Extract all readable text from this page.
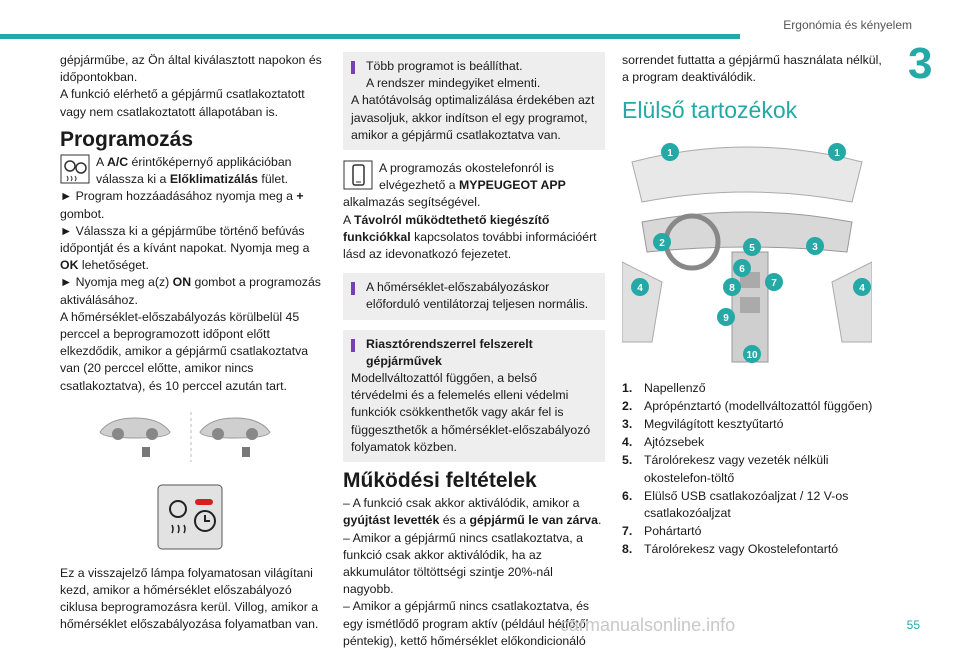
Ergonómia és kényelem
3

gépjárműbe, az Ön által kiválasztott napokon és időpontokban.

A funkció elérhető a gépjármű csatlakoztatott vagy nem csatlakoztatott állapotában is.

Programozás

A A/C érintőképernyő applikációban válassza ki a Előklimatizálás fület.

► Program hozzáadásához nyomja meg a + gombot.

► Válassza ki a gépjárműbe történő befúvás időpontját és a kívánt napokat. Nyomja meg a OK lehetőséget.

► Nyomja meg a(z) ON gombot a programozás aktiválásához.

A hőmérséklet-előszabályozás körülbelül 45 perccel a beprogramozott időpont előtt elkezdődik, amikor a gépjármű csatlakoztatva van (20 perccel előtte, amikor nincs csatlakoztatva), és 10 perccel azután tart.

Ez a visszajelző lámpa folyamatosan világítani kezd, amikor a hőmérséklet előszabályozó ciklusa beprogramozásra kerül. Villog, amikor a hőmérséklet előszabályozása folyamatban van.

Több programot is beállíthat.

A rendszer mindegyiket elmenti.

A hatótávolság optimalizálása érdekében azt javasoljuk, akkor indítson el egy programot, amikor a gépjármű csatlakoztatva van.

A programozás okostelefonról is elvégezhető a MYPEUGEOT APP

alkalmazás segítségével.

A Távolról működtethető kiegészítő funkciókkal kapcsolatos további információért lásd az idevonatkozó fejezetet.

A hőmérséklet-előszabályozáskor előforduló ventilátorzaj teljesen normális.

Riasztórendszerrel felszerelt gépjárművek

Modellváltozattól függően, a belső térvédelmi és a felemelés elleni védelmi funkciók csökkenthetők vagy akár fel is függeszthetők a hőmérséklet-előszabályozó folyamatok közben.

Működési feltételek

– A funkció csak akkor aktiválódik, amikor a gyújtást levették és a gépjármű le van zárva.

– Amikor a gépjármű nincs csatlakoztatva, a funkció csak akkor aktiválódik, ha az akkumulátor töltöttségi szintje 20%-nál nagyobb.

– Amikor a gépjármű nincs csatlakoztatva, és egy ismétlődő program aktív (például hétfőtől péntekig), kettő hőmérséklet előkondicionáló

sorrendet futtatta a gépjármű használata nélkül, a program deaktiválódik.

Elülső tartozékok
1	1
2	3
4	4
5
6
7
8
9
10
1. Napellenző
2. Aprópénztartó (modellváltozattól függően)
3. Megvilágított kesztyűtartó
4. Ajtózsebek
5. Tárolórekesz vagy vezeték nélküli okostelefon-töltő
6. Elülső USB csatlakozóaljzat / 12 V-os csatlakozóaljzat
7. Pohártartó
8. Tárolórekesz vagy Okostelefontartó
carmanualsonline.info	55
